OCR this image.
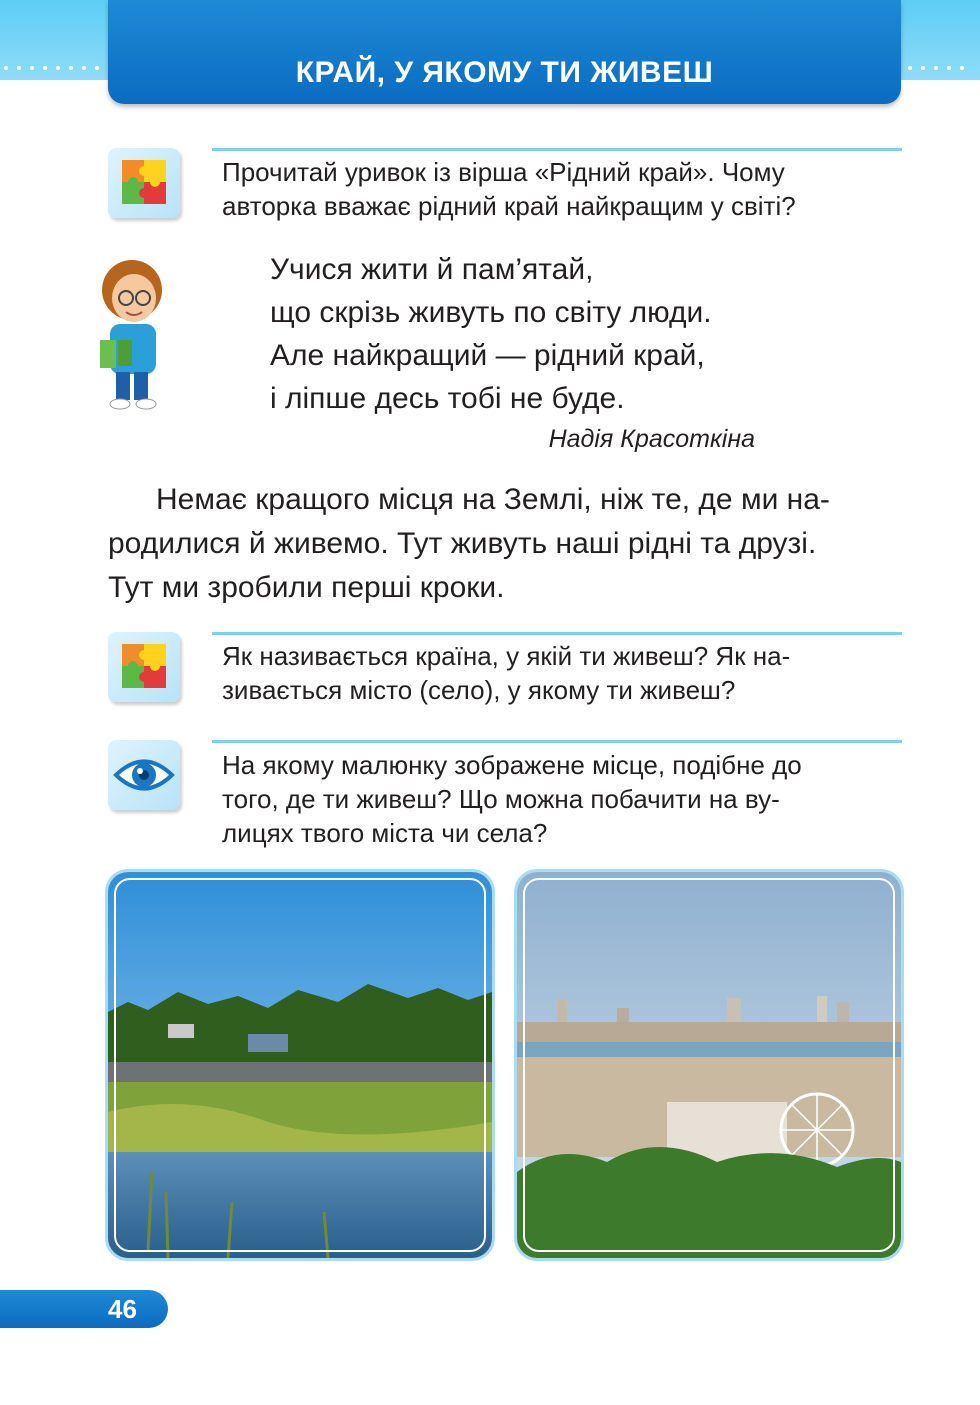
КРАЙ, У ЯКОМУ ТИ ЖИВЕШ
Прочитай уривок із вірша «Рідний край». Чому
авторка вважає рідний край найкращим у світі?
Учися жити й пам’ятай,
що скрізь живуть по світу люди.
Але найкращий — рідний край,
і ліпше десь тобі не буде.
Надія Красоткіна

Немає кращого місця на Землі, ніж те, де ми на-

родилися й живемо. Тут живуть наші рідні та друзі.

Тут ми зробили перші кроки.

Як називається країна, у якій ти живеш? Як на-
зивається місто (село), у якому ти живеш?
На якому малюнку зображене місце, подібне до
того, де ти живеш? Що можна побачити на ву-
лицях твого міста чи села?
46
